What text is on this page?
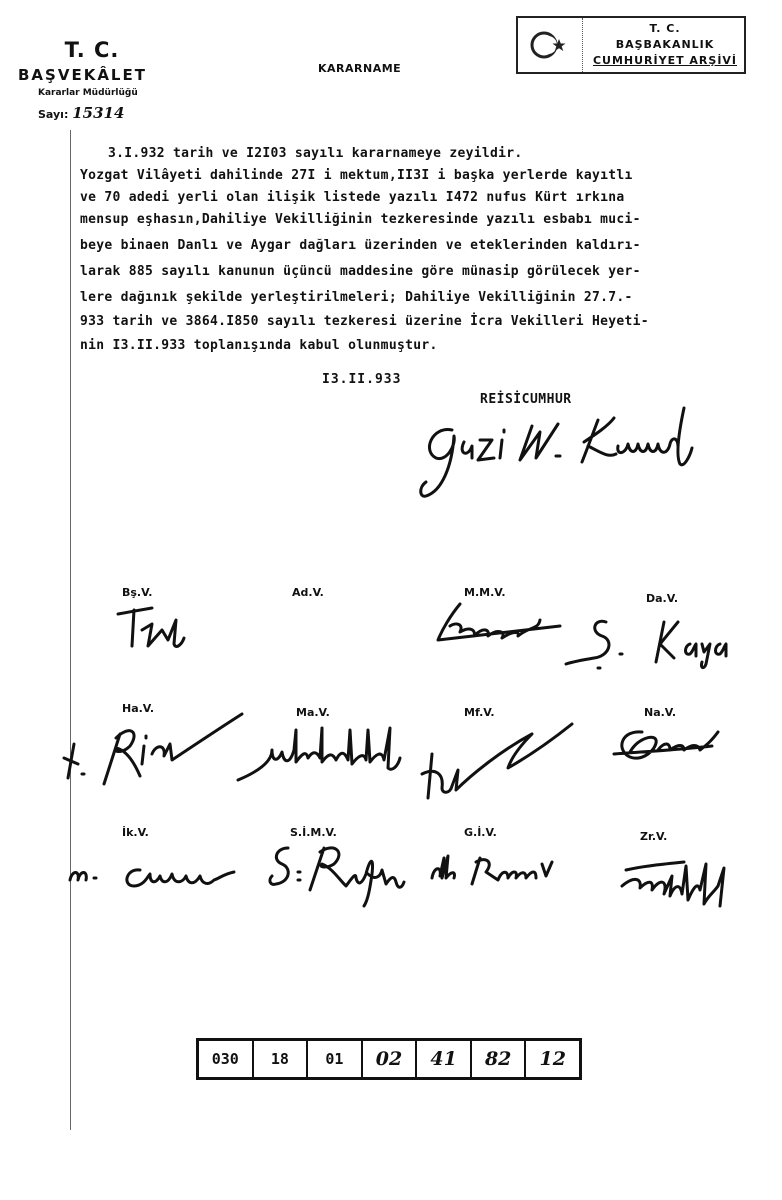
T. C.
BAŞVEKÂLET
Kararlar Müdürlüğü
Sayı: 15314
KARARNAME
T. C.
BAŞBAKANLIK
CUMHURİYET ARŞİVİ
3.I.932 tarih ve I2I03 sayılı kararnameye zeyildir.
Yozgat Vilâyeti dahilinde 27I i mektum,II3I i başka yerlerde kayıtlı
ve 70 adedi yerli olan ilişik listede yazılı I472 nufus Kürt ırkına
mensup eşhasın,Dahiliye Vekilliğinin tezkeresinde yazılı esbabı muci-
beye binaen Danlı ve Aygar dağları üzerinden ve eteklerinden kaldırı-
larak 885 sayılı kanunun üçüncü maddesine göre münasip görülecek yer-
lere dağınık şekilde yerleştirilmeleri; Dahiliye Vekilliğinin 27.7.-
933 tarih ve 3864.I850 sayılı tezkeresi üzerine İcra Vekilleri Heyeti-
nin I3.II.933 toplanışında kabul olunmuştur.
I3.II.933
REİSİCUMHUR
Bş.V.	Ad.V.	M.M.V.	Da.V.
Ha.V.	Ma.V.	Mf.V.	Na.V.
İk.V.	S.İ.M.V.	G.İ.V.	Zr.V.
030	18	01	02	41	82	12
